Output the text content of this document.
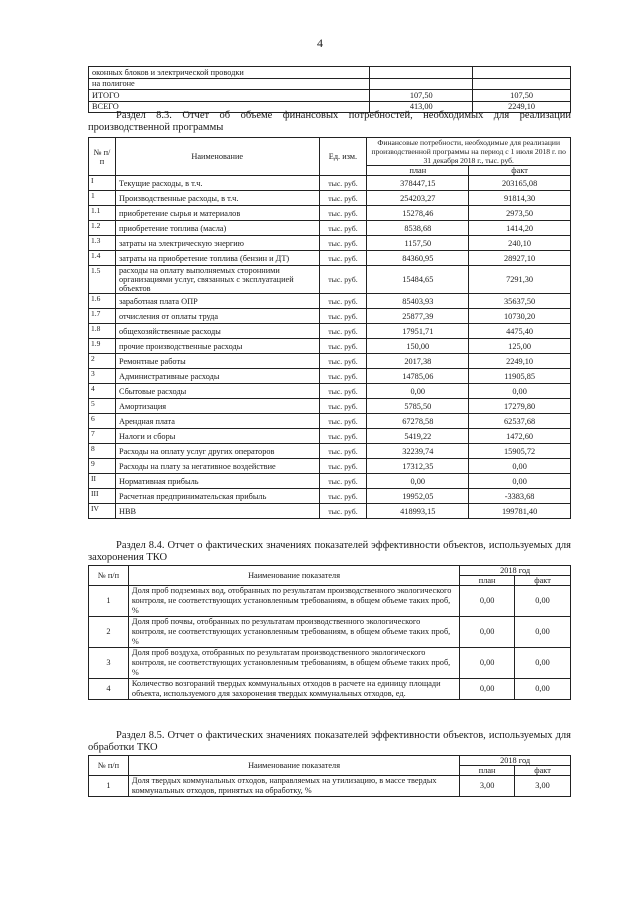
4
оконных блоков и электрической проводки		
на полигоне		
ИТОГО	107,50	107,50
ВСЕГО	413,00	2249,10
Раздел 8.3. Отчет об объеме финансовых потребностей, необходимых для реализации производственной программы
№ п/п	Наименование	Ед. изм.	Финансовые потребности, необходимые для реализации производственной программы на период с 1 июля 2018 г. по 31 декабря 2018 г., тыс. руб.	
			план	факт
I	Текущие расходы, в т.ч.	тыс. руб.	378447,15	203165,08
1	Производственные расходы, в т.ч.	тыс. руб.	254203,27	91814,30
1.1	приобретение сырья и материалов	тыс. руб.	15278,46	2973,50
1.2	приобретение топлива (масла)	тыс. руб.	8538,68	1414,20
1.3	затраты на электрическую энергию	тыс. руб.	1157,50	240,10
1.4	затраты на приобретение топлива (бензин и ДТ)	тыс. руб.	84360,95	28927,10
1.5	расходы на оплату выполняемых сторонними организациями услуг, связанных с эксплуатацией объектов	тыс. руб.	15484,65	7291,30
1.6	заработная плата ОПР	тыс. руб.	85403,93	35637,50
1.7	отчисления от оплаты труда	тыс. руб.	25877,39	10730,20
1.8	общехозяйственные расходы	тыс. руб.	17951,71	4475,40
1.9	прочие производственные расходы	тыс. руб.	150,00	125,00
2	Ремонтные работы	тыс. руб.	2017,38	2249,10
3	Административные расходы	тыс. руб.	14785,06	11905,85
4	Сбытовые расходы	тыс. руб.	0,00	0,00
5	Амортизация	тыс. руб.	5785,50	17279,80
6	Арендная плата	тыс. руб.	67278,58	62537,68
7	Налоги и сборы	тыс. руб.	5419,22	1472,60
8	Расходы на оплату услуг других операторов	тыс. руб.	32239,74	15905,72
9	Расходы на плату за негативное воздействие	тыс. руб.	17312,35	0,00
II	Нормативная прибыль	тыс. руб.	0,00	0,00
III	Расчетная предпринимательская прибыль	тыс. руб.	19952,05	-3383,68
IV	НВВ	тыс. руб.	418993,15	199781,40
Раздел 8.4. Отчет о фактических значениях показателей эффективности объектов, используемых для захоронения ТКО
№ п/п	Наименование показателя	2018 год	
		план	факт
1	Доля проб подземных вод, отобранных по результатам производственного экологического контроля, не соответствующих установленным требованиям, в общем объеме таких проб, %	0,00	0,00
2	Доля проб почвы, отобранных по результатам производственного экологического контроля, не соответствующих установленным требованиям, в общем объеме таких проб, %	0,00	0,00
3	Доля проб воздуха, отобранных по результатам производственного экологического контроля, не соответствующих установленным требованиям, в общем объеме таких проб, %	0,00	0,00
4	Количество возгораний твердых коммунальных отходов в расчете на единицу площади объекта, используемого для захоронения твердых коммунальных отходов, ед.	0,00	0,00
Раздел 8.5. Отчет о фактических значениях показателей эффективности объектов, используемых для обработки ТКО
№ п/п	Наименование показателя	2018 год	
		план	факт
1	Доля твердых коммунальных отходов, направляемых на утилизацию, в массе твердых коммунальных отходов, принятых на обработку, %	3,00	3,00
